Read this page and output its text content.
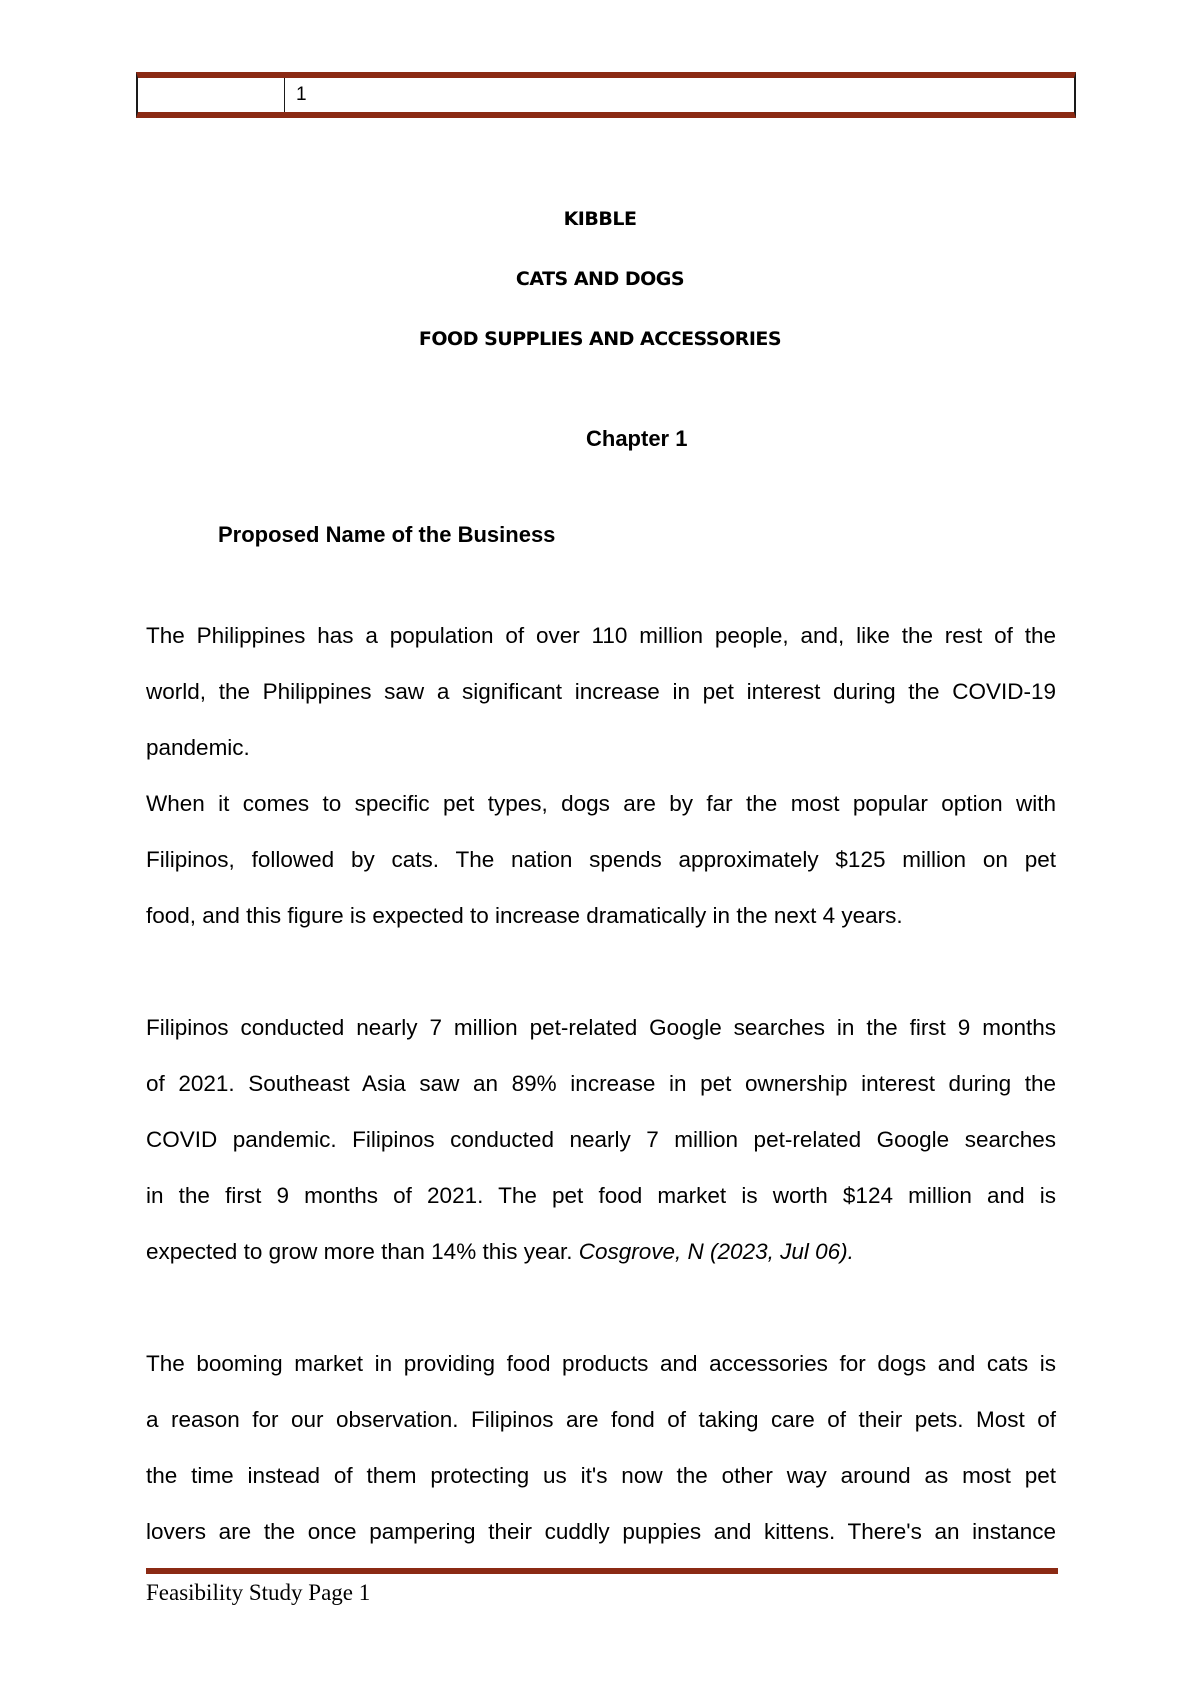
1
KIBBLE
CATS AND DOGS
FOOD SUPPLIES AND ACCESSORIES
Chapter 1
Proposed Name of the Business
The Philippines has a population of over 110 million people, and, like the rest of the
world, the Philippines saw a significant increase in pet interest during the COVID-19
pandemic.
When it comes to specific pet types, dogs are by far the most popular option with
Filipinos, followed by cats. The nation spends approximately $125 million on pet
food, and this figure is expected to increase dramatically in the next 4 years.
Filipinos conducted nearly 7 million pet-related Google searches in the first 9 months
of 2021. Southeast Asia saw an 89% increase in pet ownership interest during the
COVID pandemic. Filipinos conducted nearly 7 million pet-related Google searches
in the first 9 months of 2021. The pet food market is worth $124 million and is
expected to grow more than 14% this year. Cosgrove, N (2023, Jul 06).
The booming market in providing food products and accessories for dogs and cats is
a reason for our observation. Filipinos are fond of taking care of their pets. Most of
the time instead of them protecting us it's now the other way around as most pet
lovers are the once pampering their cuddly puppies and kittens. There's an instance
Feasibility Study Page 1
